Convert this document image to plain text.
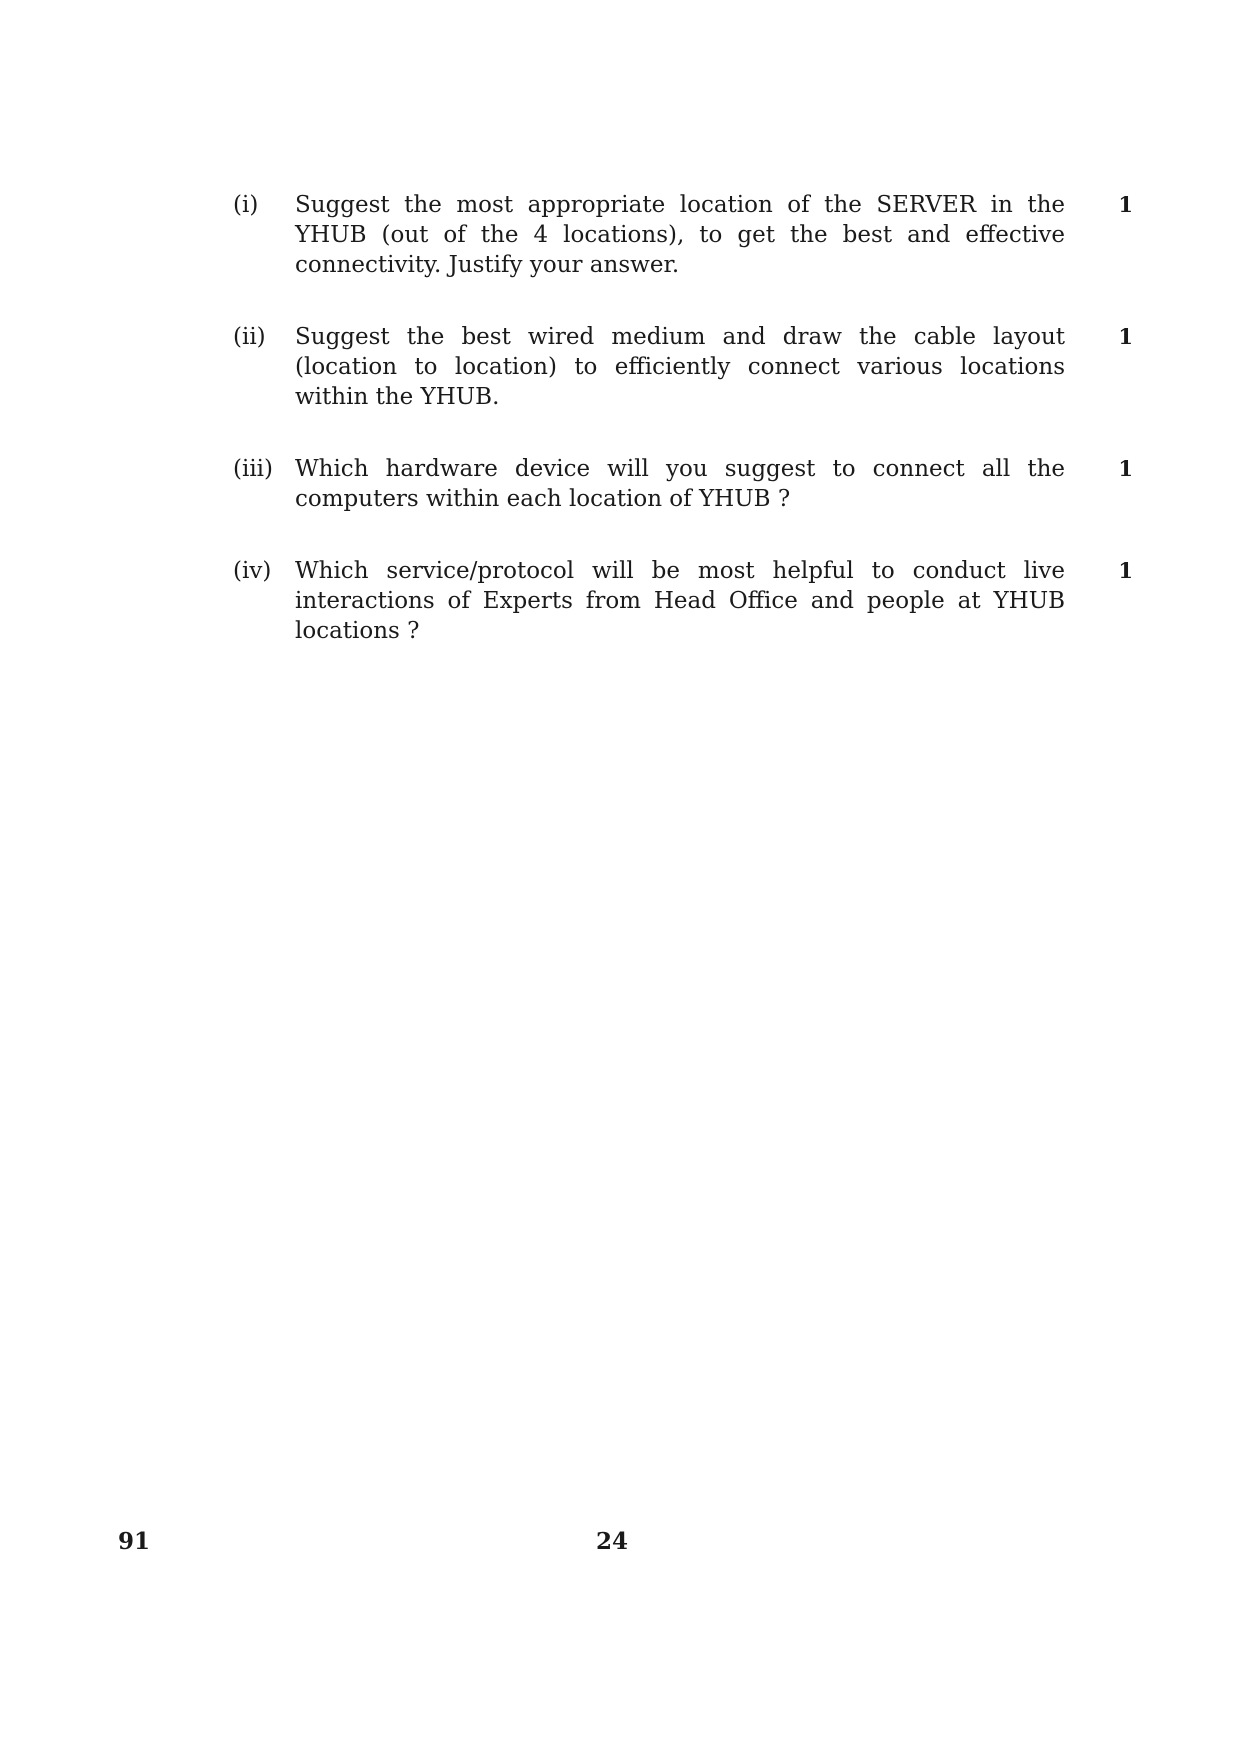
(i)	Suggest the most appropriate location of the SERVER in the YHUB (out of the 4 locations), to get the best and effective connectivity. Justify your answer.
1
(ii)	Suggest the best wired medium and draw the cable layout (location to location) to efficiently connect various locations within the YHUB.
1
(iii) Which hardware device will you suggest to connect all the computers within each location of YHUB ?
1
(iv)	Which service/protocol will be most helpful to conduct live interactions of Experts from Head Office and people at YHUB locations ?
1
91	24
